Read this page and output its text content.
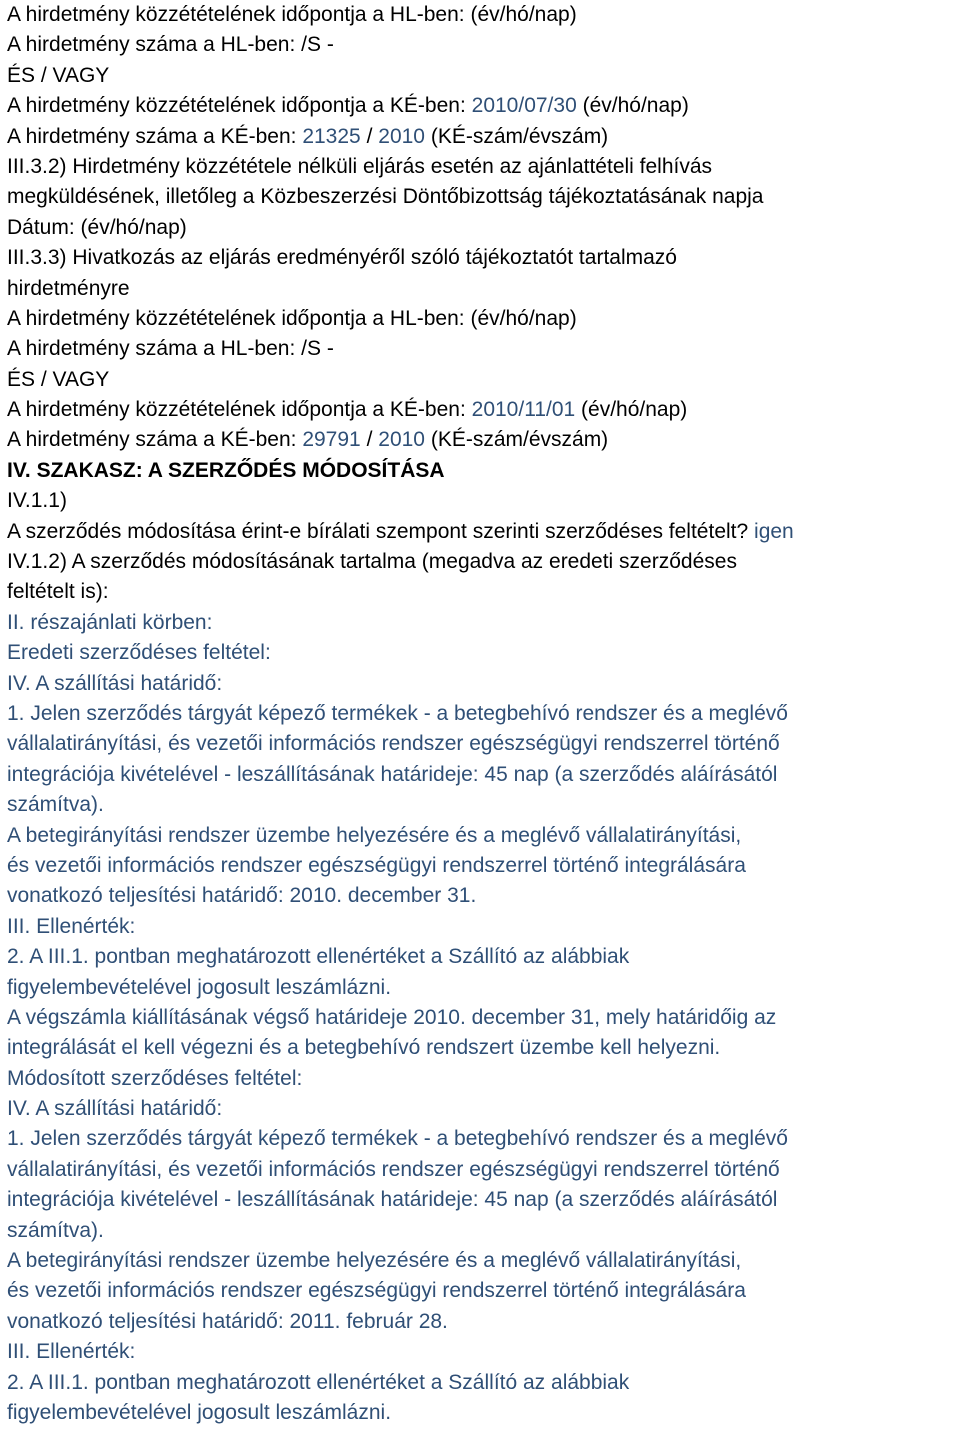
A hirdetmény közzétételének időpontja a HL-ben: (év/hó/nap)

A hirdetmény száma a HL-ben: /S -

ÉS / VAGY

A hirdetmény közzétételének időpontja a KÉ-ben: 2010/07/30 (év/hó/nap)

A hirdetmény száma a KÉ-ben: 21325 / 2010 (KÉ-szám/évszám)

III.3.2) Hirdetmény közzététele nélküli eljárás esetén az ajánlattételi felhívás

megküldésének, illetőleg a Közbeszerzési Döntőbizottság tájékoztatásának napja

Dátum: (év/hó/nap)

III.3.3) Hivatkozás az eljárás eredményéről szóló tájékoztatót tartalmazó

hirdetményre

A hirdetmény közzétételének időpontja a HL-ben: (év/hó/nap)

A hirdetmény száma a HL-ben: /S -

ÉS / VAGY

A hirdetmény közzétételének időpontja a KÉ-ben: 2010/11/01 (év/hó/nap)

A hirdetmény száma a KÉ-ben: 29791 / 2010 (KÉ-szám/évszám)

IV. SZAKASZ: A SZERZŐDÉS MÓDOSÍTÁSA

IV.1.1)

A szerződés módosítása érint-e bírálati szempont szerinti szerződéses feltételt? igen

IV.1.2) A szerződés módosításának tartalma (megadva az eredeti szerződéses

feltételt is):

II. részajánlati körben:

Eredeti szerződéses feltétel:

IV. A szállítási határidő:

1. Jelen szerződés tárgyát képező termékek - a betegbehívó rendszer és a meglévő

vállalatirányítási, és vezetői információs rendszer egészségügyi rendszerrel történő

integrációja kivételével - leszállításának határideje: 45 nap (a szerződés aláírásától

számítva).

A betegirányítási rendszer üzembe helyezésére és a meglévő vállalatirányítási,

és vezetői információs rendszer egészségügyi rendszerrel történő integrálására

vonatkozó teljesítési határidő: 2010. december 31.

III. Ellenérték:

2. A III.1. pontban meghatározott ellenértéket a Szállító az alábbiak

figyelembevételével jogosult leszámlázni.

A végszámla kiállításának végső határideje 2010. december 31, mely határidőig az

integrálását el kell végezni és a betegbehívó rendszert üzembe kell helyezni.

Módosított szerződéses feltétel:

IV. A szállítási határidő:

1. Jelen szerződés tárgyát képező termékek - a betegbehívó rendszer és a meglévő

vállalatirányítási, és vezetői információs rendszer egészségügyi rendszerrel történő

integrációja kivételével - leszállításának határideje: 45 nap (a szerződés aláírásától

számítva).

A betegirányítási rendszer üzembe helyezésére és a meglévő vállalatirányítási,

és vezetői információs rendszer egészségügyi rendszerrel történő integrálására

vonatkozó teljesítési határidő: 2011. február 28.

III. Ellenérték:

2. A III.1. pontban meghatározott ellenértéket a Szállító az alábbiak

figyelembevételével jogosult leszámlázni.
